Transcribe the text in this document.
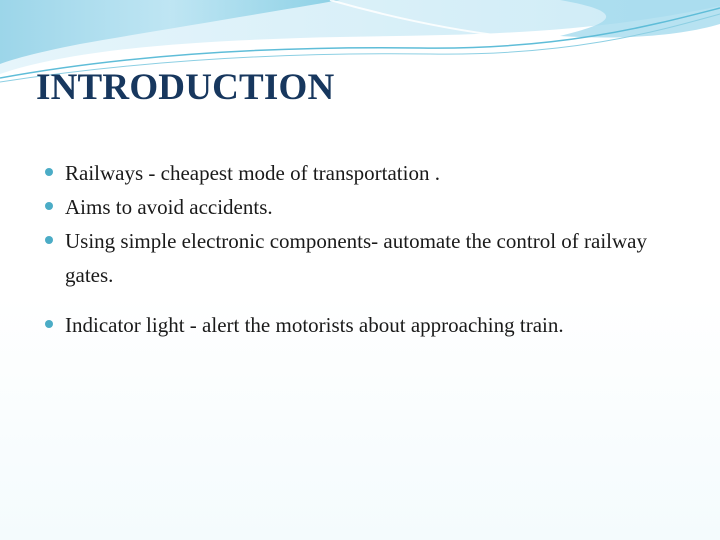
INTRODUCTION
Railways - cheapest mode of transportation .
Aims to avoid accidents.
Using simple electronic components- automate the control of railway gates.
Indicator light - alert the motorists about approaching train.
